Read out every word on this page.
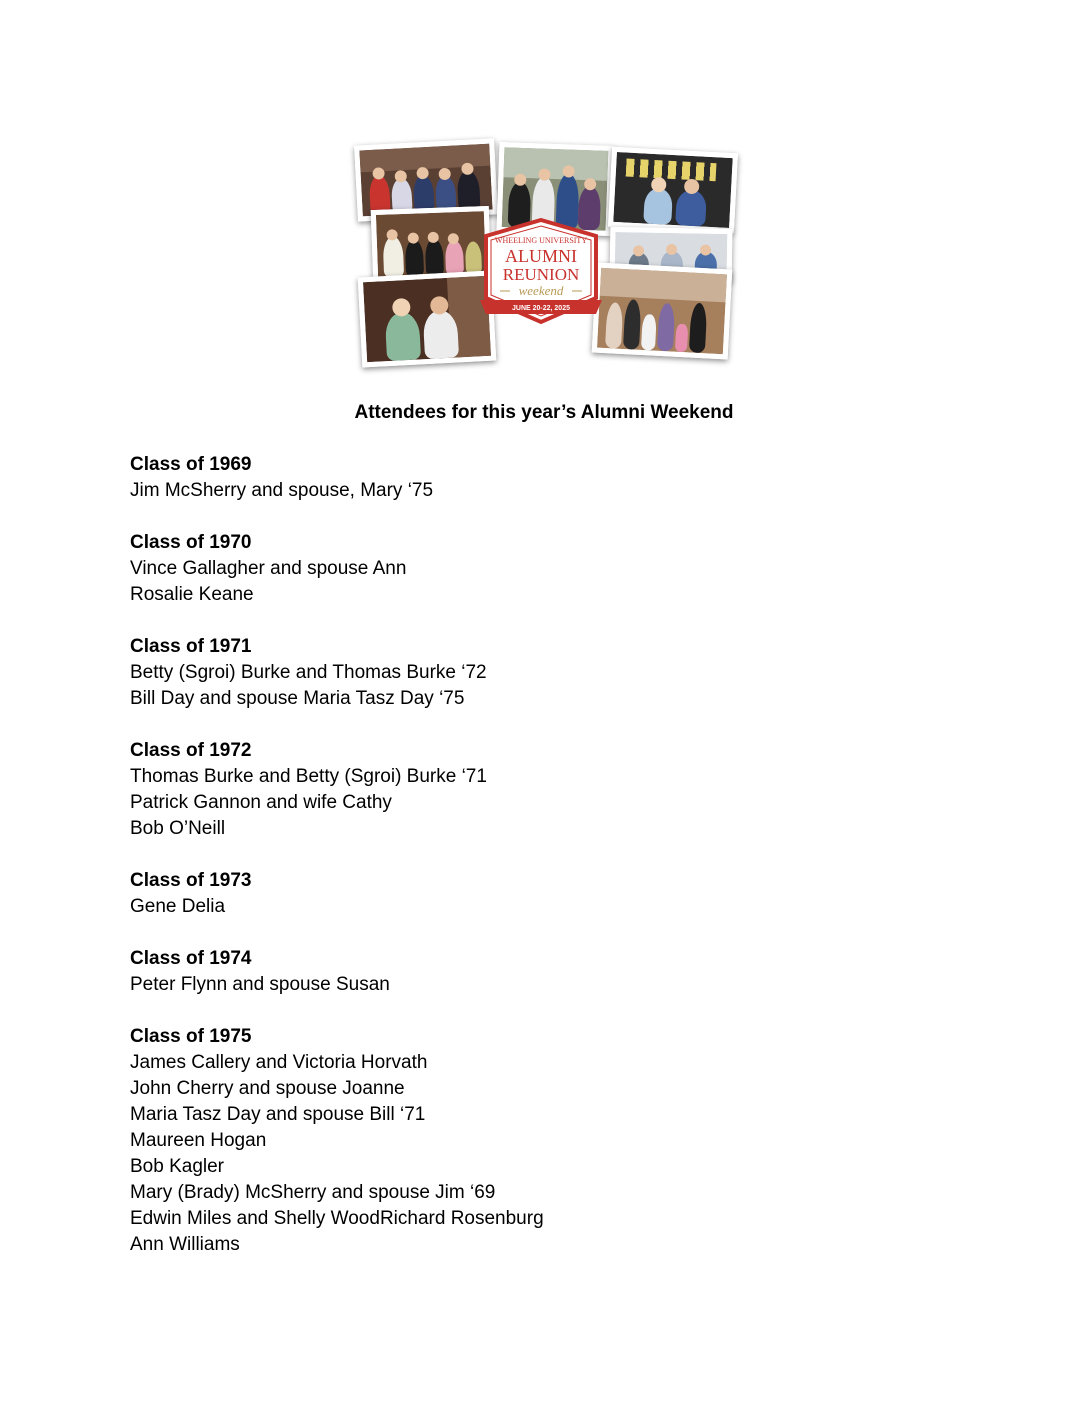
WHEELING UNIVERSITY
ALUMNI
REUNION
weekend
JUNE 20-22, 2025
Attendees for this year’s Alumni Weekend
Class of 1969
Jim McSherry and spouse, Mary ‘75
Class of 1970
Vince Gallagher and spouse Ann
Rosalie Keane
Class of 1971
Betty (Sgroi) Burke and Thomas Burke ‘72
Bill Day and spouse Maria Tasz Day ‘75
Class of 1972
Thomas Burke and Betty (Sgroi) Burke ‘71
Patrick Gannon and wife Cathy
Bob O’Neill
Class of 1973
Gene Delia
Class of 1974
Peter Flynn and spouse Susan
Class of 1975
James Callery and Victoria Horvath
John Cherry and spouse Joanne
Maria Tasz Day and spouse Bill ‘71
Maureen Hogan
Bob Kagler
Mary (Brady) McSherry and spouse Jim ‘69
Edwin Miles and Shelly WoodRichard Rosenburg
Ann Williams
